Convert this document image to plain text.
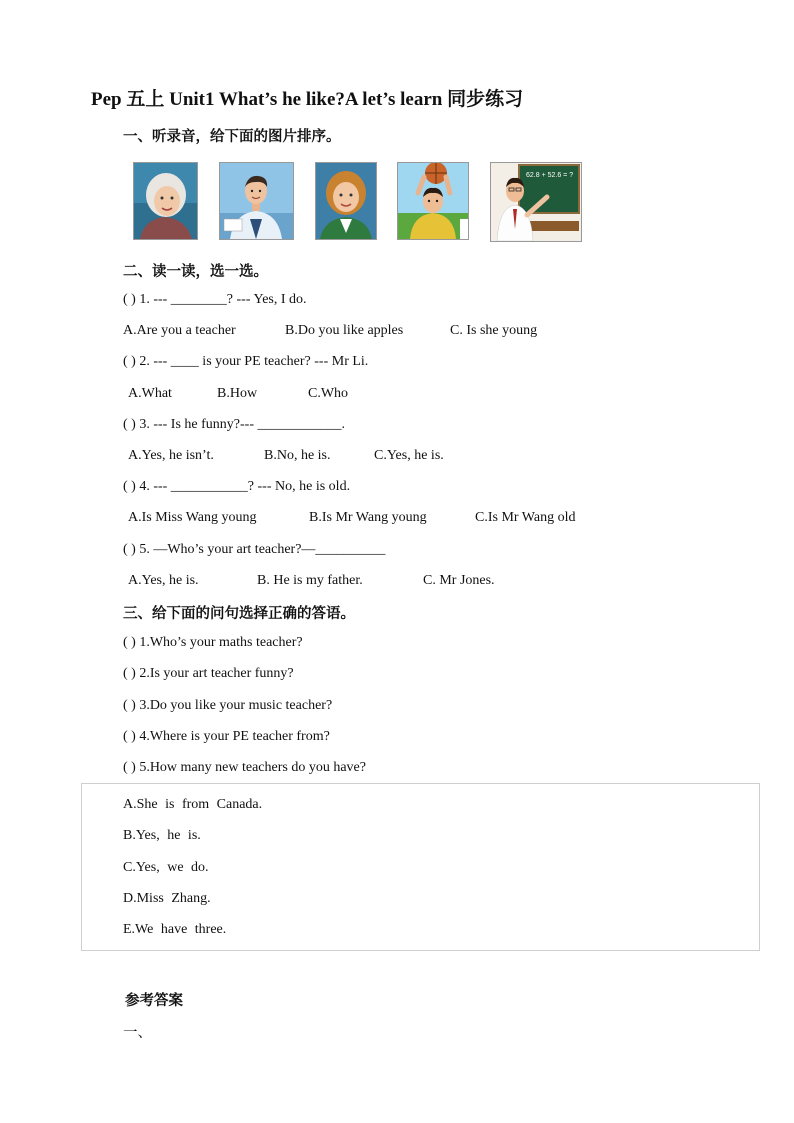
Pep 五上 Unit1 What’s he like?A let’s learn 同步练习
一、听录音，给下面的图片排序。
62.8 + 52.6 = ?
二、读一读，选一选。
( ) 1. --- ________? --- Yes, I do.
A.Are you a teacher	B.Do you like apples	C. Is she young
( ) 2. --- ____ is your PE teacher? --- Mr Li.
A.What	B.How	C.Who
( ) 3. --- Is he funny?--- ____________.
A.Yes, he isn’t.	B.No, he is.	C.Yes, he is.
( ) 4. --- ___________? --- No, he is old.
A.Is Miss Wang young	B.Is Mr Wang young	C.Is Mr Wang old
( ) 5. —Who’s your art teacher?—__________
A.Yes, he is.	B. He is my father.	C. Mr Jones.
三、给下面的问句选择正确的答语。
( ) 1.Who’s your maths teacher?
( ) 2.Is your art teacher funny?
( ) 3.Do you like your music teacher?
( ) 4.Where is your PE teacher from?
( ) 5.How many new teachers do you have?
A.She is from Canada.
B.Yes, he is.
C.Yes, we do.
D.Miss Zhang.
E.We have three.
参考答案
一、
